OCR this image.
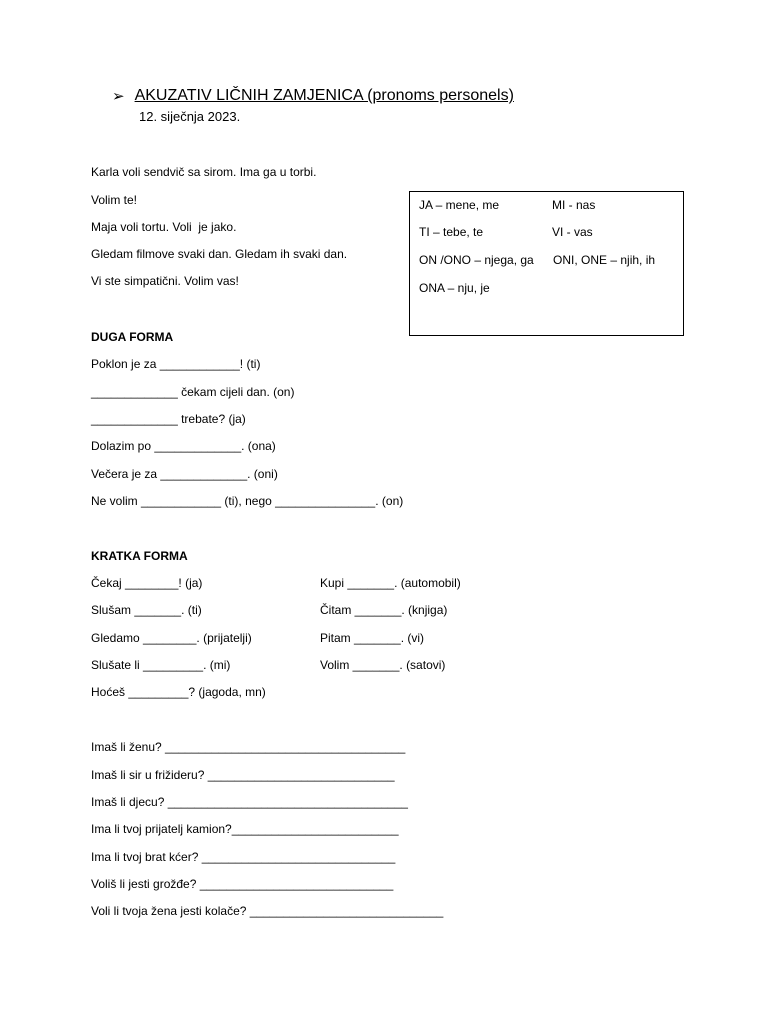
➢ AKUZATIV LIČNIH ZAMJENICA (pronoms personels)
12. siječnja 2023.
Karla voli sendvič sa sirom. Ima ga u torbi.
Volim te!
Maja voli tortu. Voli  je jako.
Gledam filmove svaki dan. Gledam ih svaki dan.
Vi ste simpatični. Volim vas!
JA – mene, me	MI - nas
TI – tebe, te	VI - vas
ON /ONO – njega, ga ONI, ONE – njih, ih
ONA – nju, je
DUGA FORMA
Poklon je za ____________! (ti)
_____________ čekam cijeli dan. (on)
_____________ trebate? (ja)
Dolazim po _____________. (ona)
Večera je za _____________. (oni)
Ne volim ____________ (ti), nego _______________. (on)
KRATKA FORMA
Čekaj ________! (ja)
Slušam _______. (ti)
Gledamo ________. (prijatelji)
Slušate li _________. (mi)
Hoćeš _________? (jagoda, mn)
Kupi _______. (automobil)
Čitam _______. (knjiga)
Pitam _______. (vi)
Volim _______. (satovi)
Imaš li ženu? ____________________________________
Imaš li sir u frižideru? ____________________________
Imaš li djecu? ____________________________________
Ima li tvoj prijatelj kamion?_________________________
Ima li tvoj brat kćer? _____________________________
Voliš li jesti grožđe? _____________________________
Voli li tvoja žena jesti kolače? _____________________________
